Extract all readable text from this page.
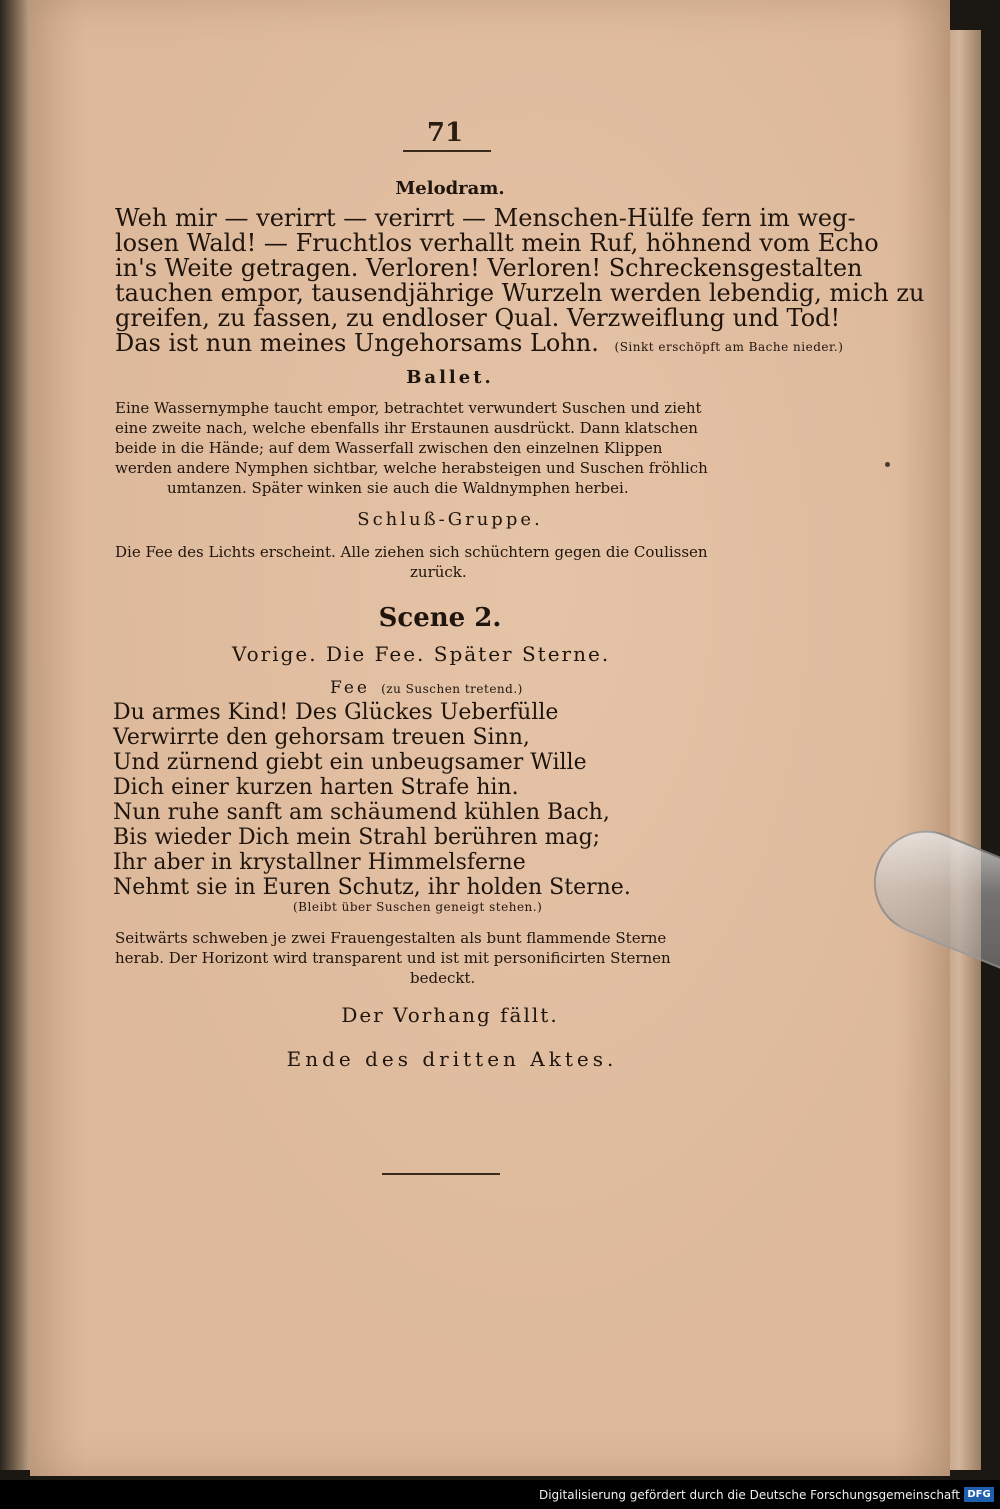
71
Melodram.
Weh mir — verirrt — verirrt — Menschen-Hülfe fern im weg-
losen Wald! — Fruchtlos verhallt mein Ruf, höhnend vom Echo
in's Weite getragen. Verloren! Verloren! Schreckensgestalten
tauchen empor, tausendjährige Wurzeln werden lebendig, mich zu
greifen, zu fassen, zu endloser Qual. Verzweiflung und Tod!
Das ist nun meines Ungehorsams Lohn. (Sinkt erschöpft am Bache nieder.)
Ballet.
Eine Wassernymphe taucht empor, betrachtet verwundert Suschen und zieht
eine zweite nach, welche ebenfalls ihr Erstaunen ausdrückt. Dann klatschen
beide in die Hände; auf dem Wasserfall zwischen den einzelnen Klippen
werden andere Nymphen sichtbar, welche herabsteigen und Suschen fröhlich
umtanzen. Später winken sie auch die Waldnymphen herbei.
Schluß-Gruppe.
Die Fee des Lichts erscheint. Alle ziehen sich schüchtern gegen die Coulissen
zurück.
Scene 2.
Vorige. Die Fee. Später Sterne.
Fee (zu Suschen tretend.)
Du armes Kind! Des Glückes Ueberfülle
Verwirrte den gehorsam treuen Sinn,
Und zürnend giebt ein unbeugsamer Wille
Dich einer kurzen harten Strafe hin.
Nun ruhe sanft am schäumend kühlen Bach,
Bis wieder Dich mein Strahl berühren mag;
Ihr aber in krystallner Himmelsferne
Nehmt sie in Euren Schutz, ihr holden Sterne.
(Bleibt über Suschen geneigt stehen.)
Seitwärts schweben je zwei Frauengestalten als bunt flammende Sterne
herab. Der Horizont wird transparent und ist mit personificirten Sternen
bedeckt.
Der Vorhang fällt.
Ende des dritten Aktes.
Digitalisierung gefördert durch die Deutsche Forschungsgemeinschaft DFG
